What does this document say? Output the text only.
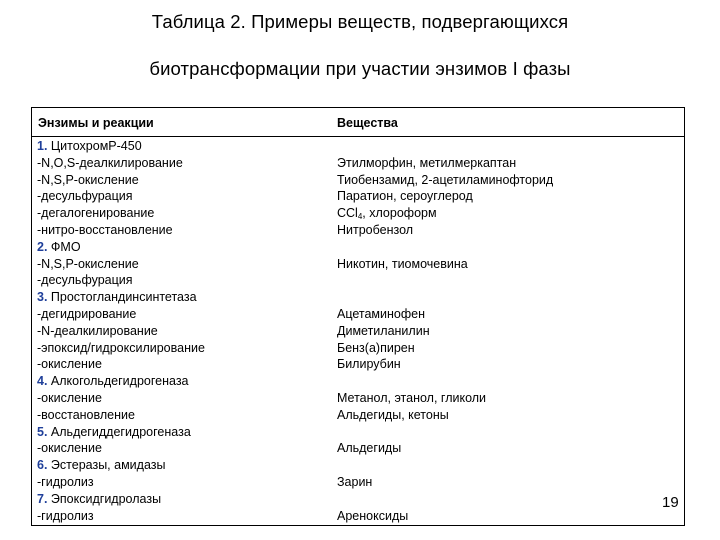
Таблица 2. Примеры веществ, подвергающихся
биотрансформации при участии энзимов I фазы
Энзимы и реакции	Вещества
1. ЦитохромP-450
-N,O,S-деалкилирование
-N,S,P-окисление
-десульфурация
-дегалогенирование
-нитро-восстановление
2. ФМО
-N,S,P-окисление
-десульфурация
3. Простогландинсинтетаза
-дегидрирование
-N-деалкилирование
-эпоксид/гидроксилирование
-окисление
4. Алкогольдегидрогеназа
-окисление
-восстановление
5. Альдегиддегидрогеназа
-окисление
6. Эстеразы, амидазы
-гидролиз
7. Эпоксидгидролазы
-гидролиз
Этилморфин, метилмеркаптан
Тиобензамид, 2-ацетиламинофторид
Паратион, сероуглерод
CCl$_4$, хлороформ
Нитробензол
Никотин, тиомочевина
Ацетаминофен
Диметиланилин
Бенз(а)пирен
Билирубин
Метанол, этанол, гликоли
Альдегиды, кетоны
Альдегиды
Зарин
Ареноксиды
19
